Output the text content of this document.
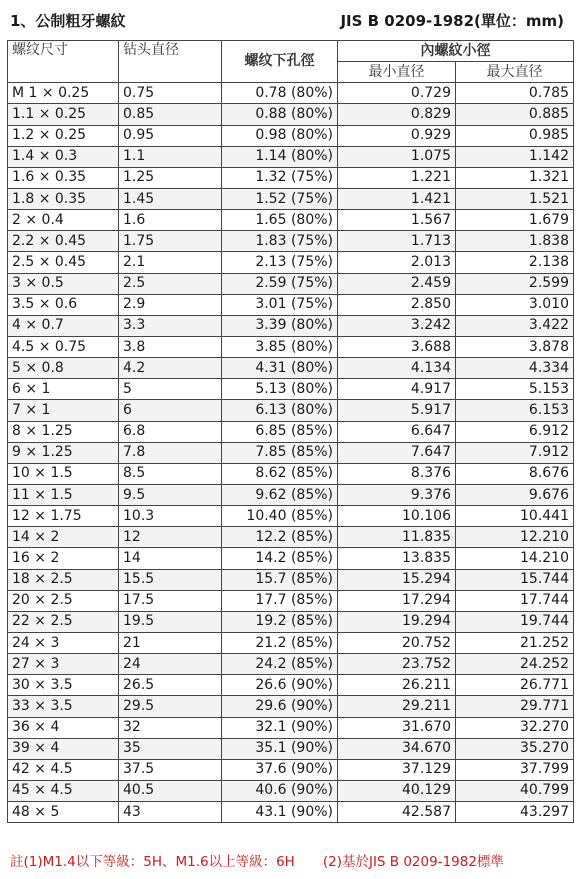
1、公制粗牙螺紋	JIS B 0209-1982(單位：mm)
螺纹尺寸	钻头直径	螺纹下孔徑	內螺紋小徑	
			最小直径	最大直径
M 1 × 0.25	0.75	0.78 (80%)	0.729	0.785
1.1 × 0.25	0.85	0.88 (80%)	0.829	0.885
1.2 × 0.25	0.95	0.98 (80%)	0.929	0.985
1.4 × 0.3	1.1	1.14 (80%)	1.075	1.142
1.6 × 0.35	1.25	1.32 (75%)	1.221	1.321
1.8 × 0.35	1.45	1.52 (75%)	1.421	1.521
2 × 0.4	1.6	1.65 (80%)	1.567	1.679
2.2 × 0.45	1.75	1.83 (75%)	1.713	1.838
2.5 × 0.45	2.1	2.13 (75%)	2.013	2.138
3 × 0.5	2.5	2.59 (75%)	2.459	2.599
3.5 × 0.6	2.9	3.01 (75%)	2.850	3.010
4 × 0.7	3.3	3.39 (80%)	3.242	3.422
4.5 × 0.75	3.8	3.85 (80%)	3.688	3.878
5 × 0.8	4.2	4.31 (80%)	4.134	4.334
6 × 1	5	5.13 (80%)	4.917	5.153
7 × 1	6	6.13 (80%)	5.917	6.153
8 × 1.25	6.8	6.85 (85%)	6.647	6.912
9 × 1.25	7.8	7.85 (85%)	7.647	7.912
10 × 1.5	8.5	8.62 (85%)	8.376	8.676
11 × 1.5	9.5	9.62 (85%)	9.376	9.676
12 × 1.75	10.3	10.40 (85%)	10.106	10.441
14 × 2	12	12.2 (85%)	11.835	12.210
16 × 2	14	14.2 (85%)	13.835	14.210
18 × 2.5	15.5	15.7 (85%)	15.294	15.744
20 × 2.5	17.5	17.7 (85%)	17.294	17.744
22 × 2.5	19.5	19.2 (85%)	19.294	19.744
24 × 3	21	21.2 (85%)	20.752	21.252
27 × 3	24	24.2 (85%)	23.752	24.252
30 × 3.5	26.5	26.6 (90%)	26.211	26.771
33 × 3.5	29.5	29.6 (90%)	29.211	29.771
36 × 4	32	32.1 (90%)	31.670	32.270
39 × 4	35	35.1 (90%)	34.670	35.270
42 × 4.5	37.5	37.6 (90%)	37.129	37.799
45 × 4.5	40.5	40.6 (90%)	40.129	40.799
48 × 5	43	43.1 (90%)	42.587	43.297
註(1)M1.4以下等級：5H、M1.6以上等級：6H (2)基於JIS B 0209-1982標準
